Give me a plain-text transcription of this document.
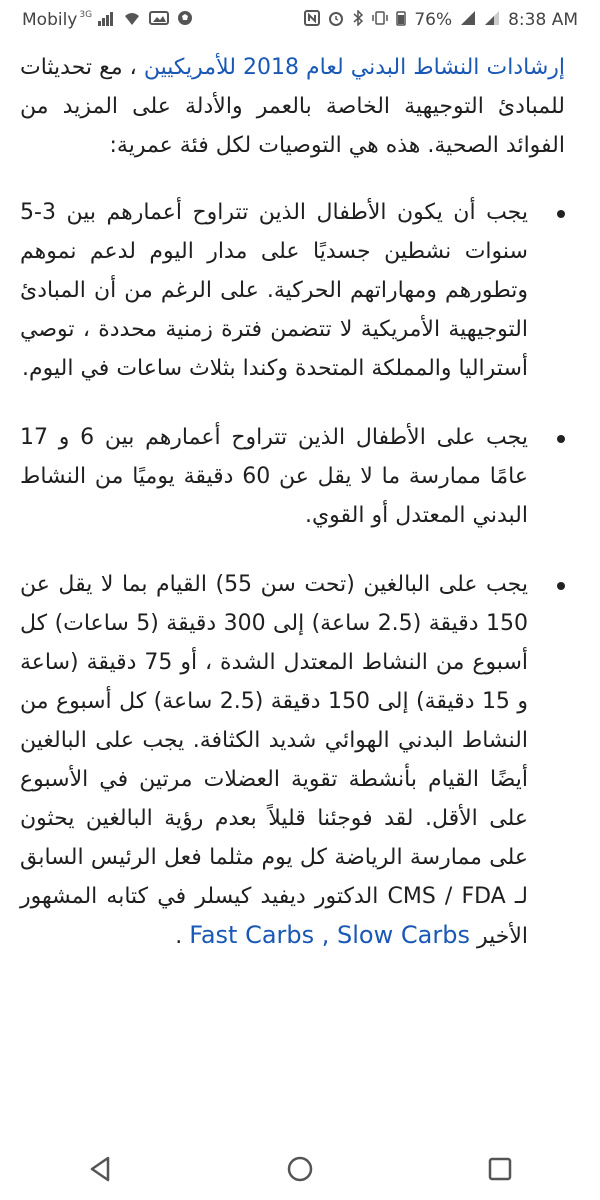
Mobily $^{3G}$	76%	8:38 AM

إرشادات النشاط البدني لعام 2018 للأمريكيين ، مع تحديثات للمبادئ التوجيهية الخاصة بالعمر والأدلة على المزيد من الفوائد الصحية. هذه هي التوصيات لكل فئة عمرية:

يجب أن يكون الأطفال الذين تتراوح أعمارهم بين 3-5 سنوات نشطين جسديًا على مدار اليوم لدعم نموهم وتطورهم ومهاراتهم الحركية. على الرغم من أن المبادئ التوجيهية الأمريكية لا تتضمن فترة زمنية محددة ، توصي أستراليا والمملكة المتحدة وكندا بثلاث ساعات في اليوم.
يجب على الأطفال الذين تتراوح أعمارهم بين 6 و 17 عامًا ممارسة ما لا يقل عن 60 دقيقة يوميًا من النشاط البدني المعتدل أو القوي.
يجب على البالغين (تحت سن 55) القيام بما لا يقل عن 150 دقيقة (2.5 ساعة) إلى 300 دقيقة (5 ساعات) كل أسبوع من النشاط المعتدل الشدة ، أو 75 دقيقة (ساعة و 15 دقيقة) إلى 150 دقيقة (2.5 ساعة) كل أسبوع من النشاط البدني الهوائي شديد الكثافة. يجب على البالغين أيضًا القيام بأنشطة تقوية العضلات مرتين في الأسبوع على الأقل. لقد فوجئنا قليلاً بعدم رؤية البالغين يحثون على ممارسة الرياضة كل يوم مثلما فعل الرئيس السابق لـ CMS / FDA الدكتور ديفيد كيسلر في كتابه المشهور الأخير Fast Carbs , Slow Carbs .
